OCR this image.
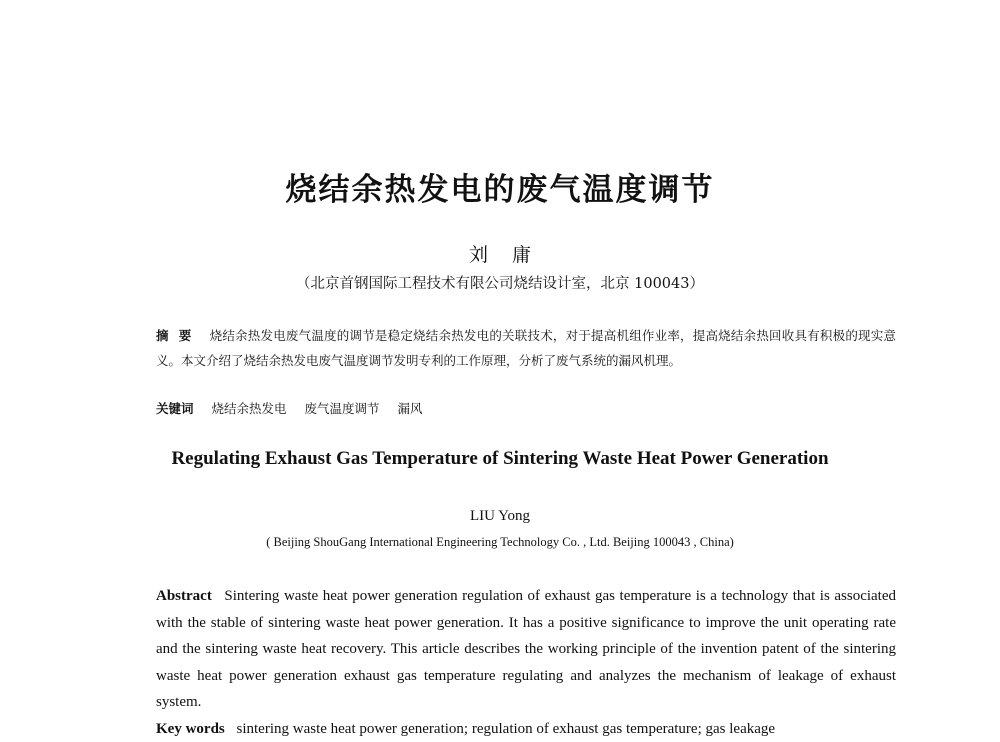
烧结余热发电的废气温度调节
刘庸
（北京首钢国际工程技术有限公司烧结设计室，北京 100043）
摘要 烧结余热发电废气温度的调节是稳定烧结余热发电的关联技术，对于提高机组作业率，提高烧结余热回收具有积极的现实意义。本文介绍了烧结余热发电废气温度调节发明专利的工作原理，分析了废气系统的漏风机理。
关键词 烧结余热发电 废气温度调节 漏风
Regulating Exhaust Gas Temperature of Sintering Waste Heat Power Generation
LIU Yong
( Beijing ShouGang International Engineering Technology Co. , Ltd. Beijing 100043 , China)
Abstract Sintering waste heat power generation regulation of exhaust gas temperature is a technology that is associated with the stable of sintering waste heat power generation. It has a positive significance to improve the unit operating rate and the sintering waste heat recovery. This article describes the working principle of the invention patent of the sintering waste heat power generation exhaust gas temperature regulating and analyzes the mechanism of leakage of exhaust system.
Key words sintering waste heat power generation; regulation of exhaust gas temperature; gas leakage
